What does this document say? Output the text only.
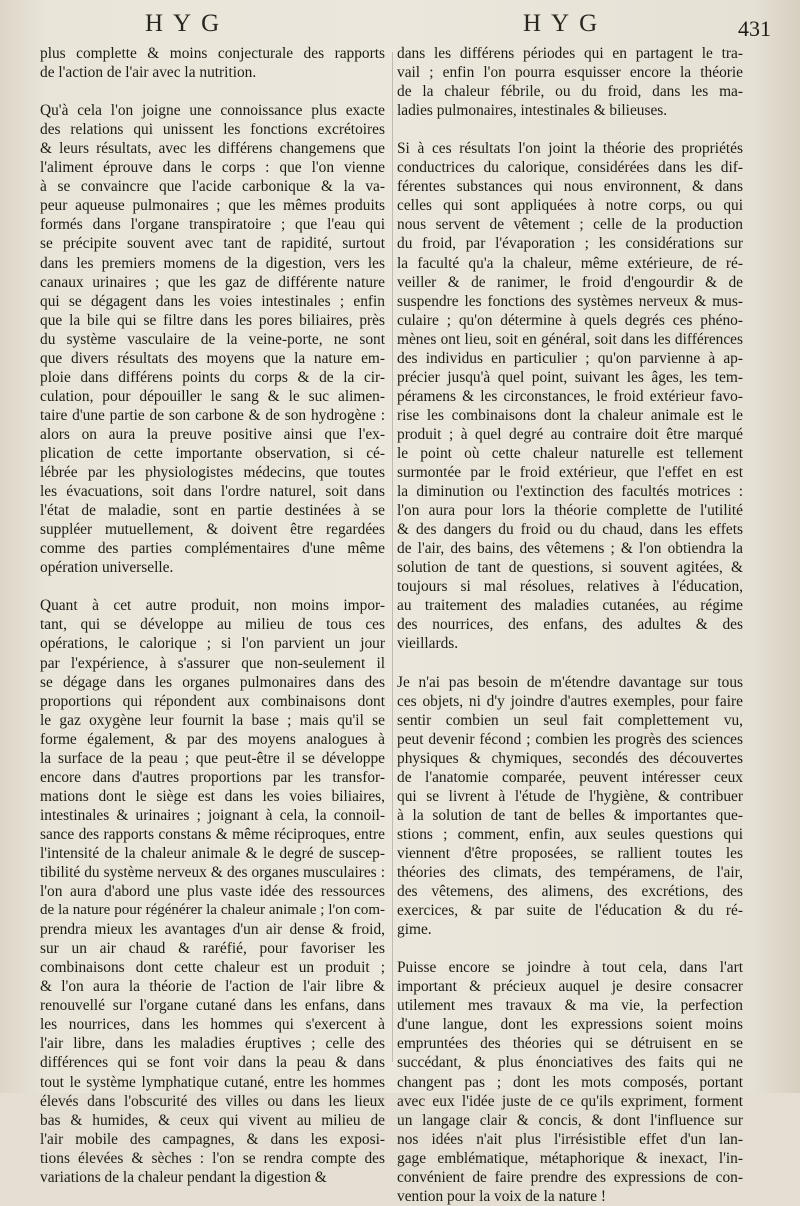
HYG	HYG	431
plus complette & moins conjecturale des rapports
de l'action de l'air avec la nutrition.
Qu'à cela l'on joigne une connoissance plus exacte
des relations qui unissent les fonctions excrétoires
& leurs résultats, avec les différens changemens que
l'aliment éprouve dans le corps : que l'on vienne
à se convaincre que l'acide carbonique & la va-
peur aqueuse pulmonaires ; que les mêmes produits
formés dans l'organe transpiratoire ; que l'eau qui
se précipite souvent avec tant de rapidité, surtout
dans les premiers momens de la digestion, vers les
canaux urinaires ; que les gaz de différente nature
qui se dégagent dans les voies intestinales ; enfin
que la bile qui se filtre dans les pores biliaires, près
du système vasculaire de la veine-porte, ne sont
que divers résultats des moyens que la nature em-
ploie dans différens points du corps & de la cir-
culation, pour dépouiller le sang & le suc alimen-
taire d'une partie de son carbone & de son hydrogène :
alors on aura la preuve positive ainsi que l'ex-
plication de cette importante observation, si cé-
lébrée par les physiologistes médecins, que toutes
les évacuations, soit dans l'ordre naturel, soit dans
l'état de maladie, sont en partie destinées à se
suppléer mutuellement, & doivent être regardées
comme des parties complémentaires d'une même
opération universelle.
Quant à cet autre produit, non moins impor-
tant, qui se développe au milieu de tous ces
opérations, le calorique ; si l'on parvient un jour
par l'expérience, à s'assurer que non-seulement il
se dégage dans les organes pulmonaires dans des
proportions qui répondent aux combinaisons dont
le gaz oxygène leur fournit la base ; mais qu'il se
forme également, & par des moyens analogues à
la surface de la peau ; que peut-être il se développe
encore dans d'autres proportions par les transfor-
mations dont le siège est dans les voies biliaires,
intestinales & urinaires ; joignant à cela, la connoil-
sance des rapports constans & même réciproques, entre
l'intensité de la chaleur animale & le degré de suscep-
tibilité du système nerveux & des organes musculaires :
l'on aura d'abord une plus vaste idée des ressources
de la nature pour régénérer la chaleur animale ; l'on com-
prendra mieux les avantages d'un air dense & froid,
sur un air chaud & raréfié, pour favoriser les
combinaisons dont cette chaleur est un produit ;
& l'on aura la théorie de l'action de l'air libre &
renouvellé sur l'organe cutané dans les enfans, dans
les nourrices, dans les hommes qui s'exercent à
l'air libre, dans les maladies éruptives ; celle des
différences qui se font voir dans la peau & dans
tout le système lymphatique cutané, entre les hommes
élevés dans l'obscurité des villes ou dans les lieux
bas & humides, & ceux qui vivent au milieu de
l'air mobile des campagnes, & dans les exposi-
tions élevées & sèches : l'on se rendra compte des
variations de la chaleur pendant la digestion &
dans les différens périodes qui en partagent le tra-
vail ; enfin l'on pourra esquisser encore la théorie
de la chaleur fébrile, ou du froid, dans les ma-
ladies pulmonaires, intestinales & bilieuses.
Si à ces résultats l'on joint la théorie des propriétés
conductrices du calorique, considérées dans les dif-
férentes substances qui nous environnent, & dans
celles qui sont appliquées à notre corps, ou qui
nous servent de vêtement ; celle de la production
du froid, par l'évaporation ; les considérations sur
la faculté qu'a la chaleur, même extérieure, de ré-
veiller & de ranimer, le froid d'engourdir & de
suspendre les fonctions des systèmes nerveux & mus-
culaire ; qu'on détermine à quels degrés ces phéno-
mènes ont lieu, soit en général, soit dans les différences
des individus en particulier ; qu'on parvienne à ap-
précier jusqu'à quel point, suivant les âges, les tem-
péramens & les circonstances, le froid extérieur favo-
rise les combinaisons dont la chaleur animale est le
produit ; à quel degré au contraire doit être marqué
le point où cette chaleur naturelle est tellement
surmontée par le froid extérieur, que l'effet en est
la diminution ou l'extinction des facultés motrices :
l'on aura pour lors la théorie complette de l'utilité
& des dangers du froid ou du chaud, dans les effets
de l'air, des bains, des vêtemens ; & l'on obtiendra la
solution de tant de questions, si souvent agitées, &
toujours si mal résolues, relatives à l'éducation,
au traitement des maladies cutanées, au régime
des nourrices, des enfans, des adultes & des
vieillards.
Je n'ai pas besoin de m'étendre davantage sur tous
ces objets, ni d'y joindre d'autres exemples, pour faire
sentir combien un seul fait complettement vu,
peut devenir fécond ; combien les progrès des sciences
physiques & chymiques, secondés des découvertes
de l'anatomie comparée, peuvent intéresser ceux
qui se livrent à l'étude de l'hygiène, & contribuer
à la solution de tant de belles & importantes que-
stions ; comment, enfin, aux seules questions qui
viennent d'être proposées, se rallient toutes les
théories des climats, des tempéramens, de l'air,
des vêtemens, des alimens, des excrétions, des
exercices, & par suite de l'éducation & du ré-
gime.
Puisse encore se joindre à tout cela, dans l'art
important & précieux auquel je desire consacrer
utilement mes travaux & ma vie, la perfection
d'une langue, dont les expressions soient moins
empruntées des théories qui se détruisent en se
succédant, & plus énonciatives des faits qui ne
changent pas ; dont les mots composés, portant
avec eux l'idée juste de ce qu'ils expriment, forment
un langage clair & concis, & dont l'influence sur
nos idées n'ait plus l'irrésistible effet d'un lan-
gage emblématique, métaphorique & inexact, l'in-
convénient de faire prendre des expressions de con-
vention pour la voix de la nature !
